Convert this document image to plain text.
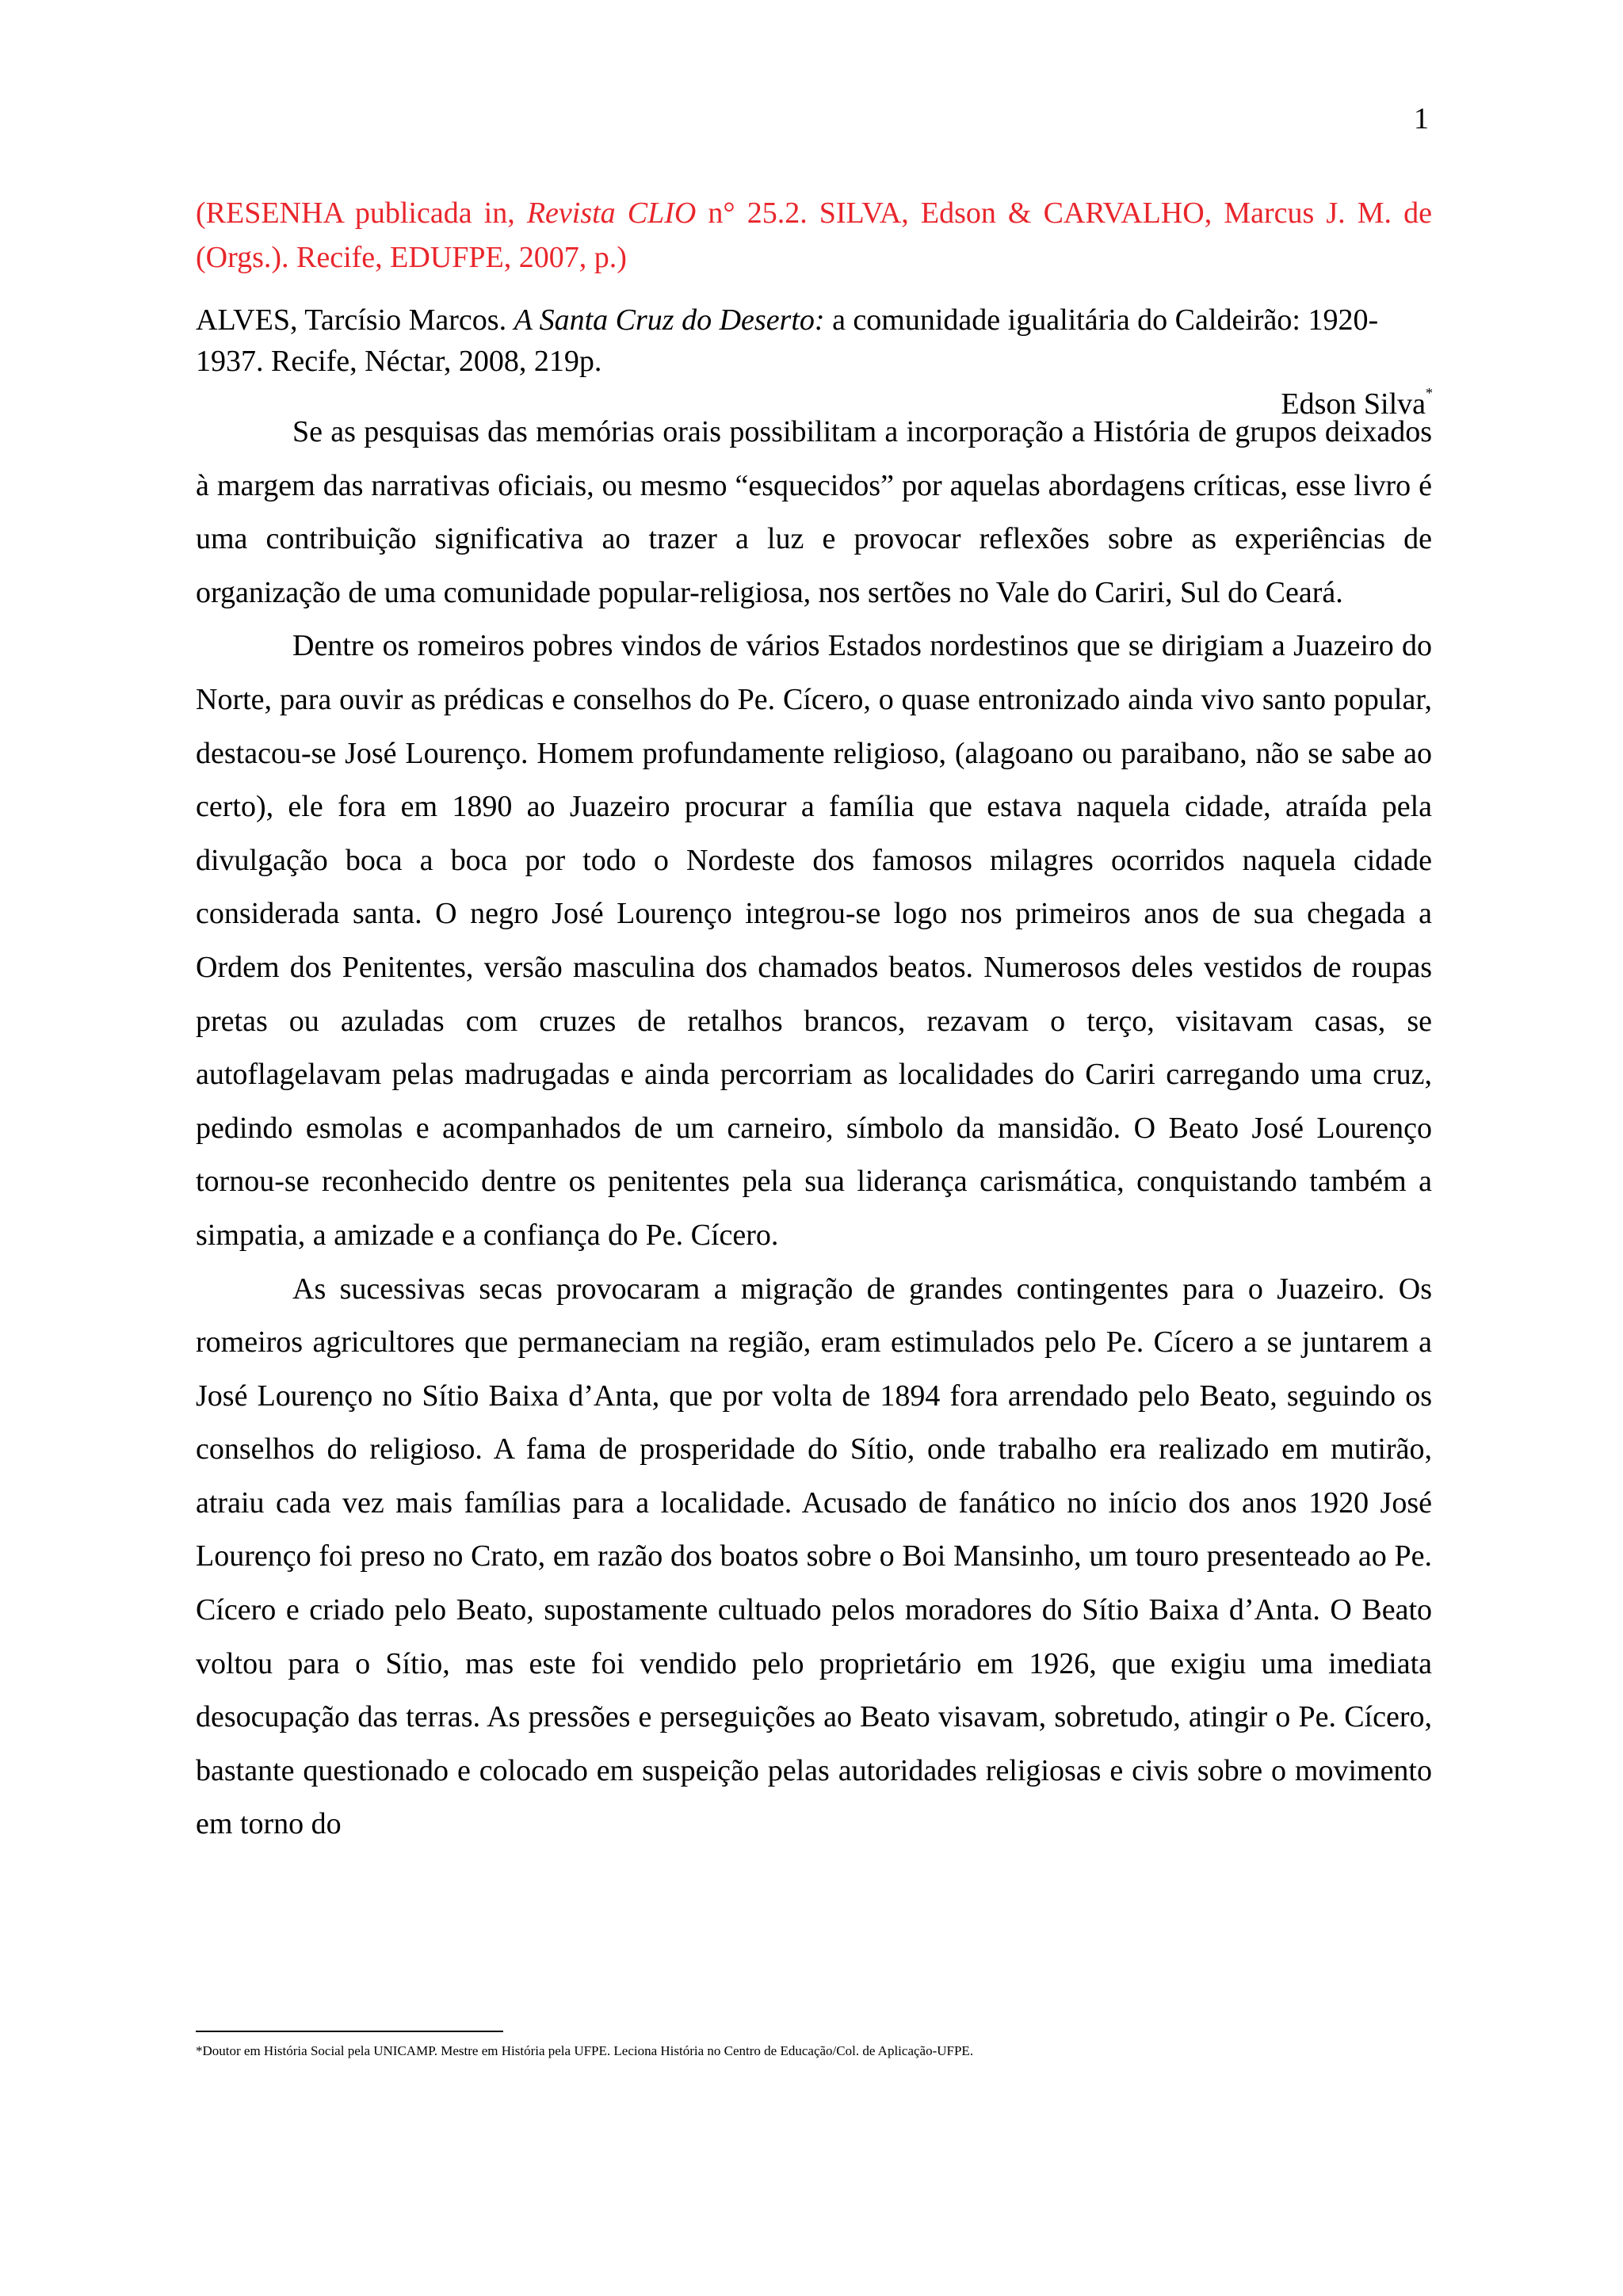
1
(RESENHA publicada in, Revista CLIO n° 25.2. SILVA, Edson & CARVALHO, Marcus J. M. de (Orgs.). Recife, EDUFPE, 2007, p.)
ALVES, Tarcísio Marcos. A Santa Cruz do Deserto: a comunidade igualitária do Caldeirão: 1920-1937. Recife, Néctar, 2008, 219p.
Edson Silva*

Se as pesquisas das memórias orais possibilitam a incorporação a História de grupos deixados à margem das narrativas oficiais, ou mesmo “esquecidos” por aquelas abordagens críticas, esse livro é uma contribuição significativa ao trazer a luz e provocar reflexões sobre as experiências de organização de uma comunidade popular-religiosa, nos sertões no Vale do Cariri, Sul do Ceará.

Dentre os romeiros pobres vindos de vários Estados nordestinos que se dirigiam a Juazeiro do Norte, para ouvir as prédicas e conselhos do Pe. Cícero, o quase entronizado ainda vivo santo popular, destacou-se José Lourenço. Homem profundamente religioso, (alagoano ou paraibano, não se sabe ao certo), ele fora em 1890 ao Juazeiro procurar a família que estava naquela cidade, atraída pela divulgação boca a boca por todo o Nordeste dos famosos milagres ocorridos naquela cidade considerada santa. O negro José Lourenço integrou-se logo nos primeiros anos de sua chegada a Ordem dos Penitentes, versão masculina dos chamados beatos. Numerosos deles vestidos de roupas pretas ou azuladas com cruzes de retalhos brancos, rezavam o terço, visitavam casas, se autoflagelavam pelas madrugadas e ainda percorriam as localidades do Cariri carregando uma cruz, pedindo esmolas e acompanhados de um carneiro, símbolo da mansidão. O Beato José Lourenço tornou-se reconhecido dentre os penitentes pela sua liderança carismática, conquistando também a simpatia, a amizade e a confiança do Pe. Cícero.

As sucessivas secas provocaram a migração de grandes contingentes para o Juazeiro. Os romeiros agricultores que permaneciam na região, eram estimulados pelo Pe. Cícero a se juntarem a José Lourenço no Sítio Baixa d’Anta, que por volta de 1894 fora arrendado pelo Beato, seguindo os conselhos do religioso. A fama de prosperidade do Sítio, onde trabalho era realizado em mutirão, atraiu cada vez mais famílias para a localidade. Acusado de fanático no início dos anos 1920 José Lourenço foi preso no Crato, em razão dos boatos sobre o Boi Mansinho, um touro presenteado ao Pe. Cícero e criado pelo Beato, supostamente cultuado pelos moradores do Sítio Baixa d’Anta. O Beato voltou para o Sítio, mas este foi vendido pelo proprietário em 1926, que exigiu uma imediata desocupação das terras. As pressões e perseguições ao Beato visavam, sobretudo, atingir o Pe. Cícero, bastante questionado e colocado em suspeição pelas autoridades religiosas e civis sobre o movimento em torno do

*Doutor em História Social pela UNICAMP. Mestre em História pela UFPE. Leciona História no Centro de Educação/Col. de Aplicação-UFPE.
